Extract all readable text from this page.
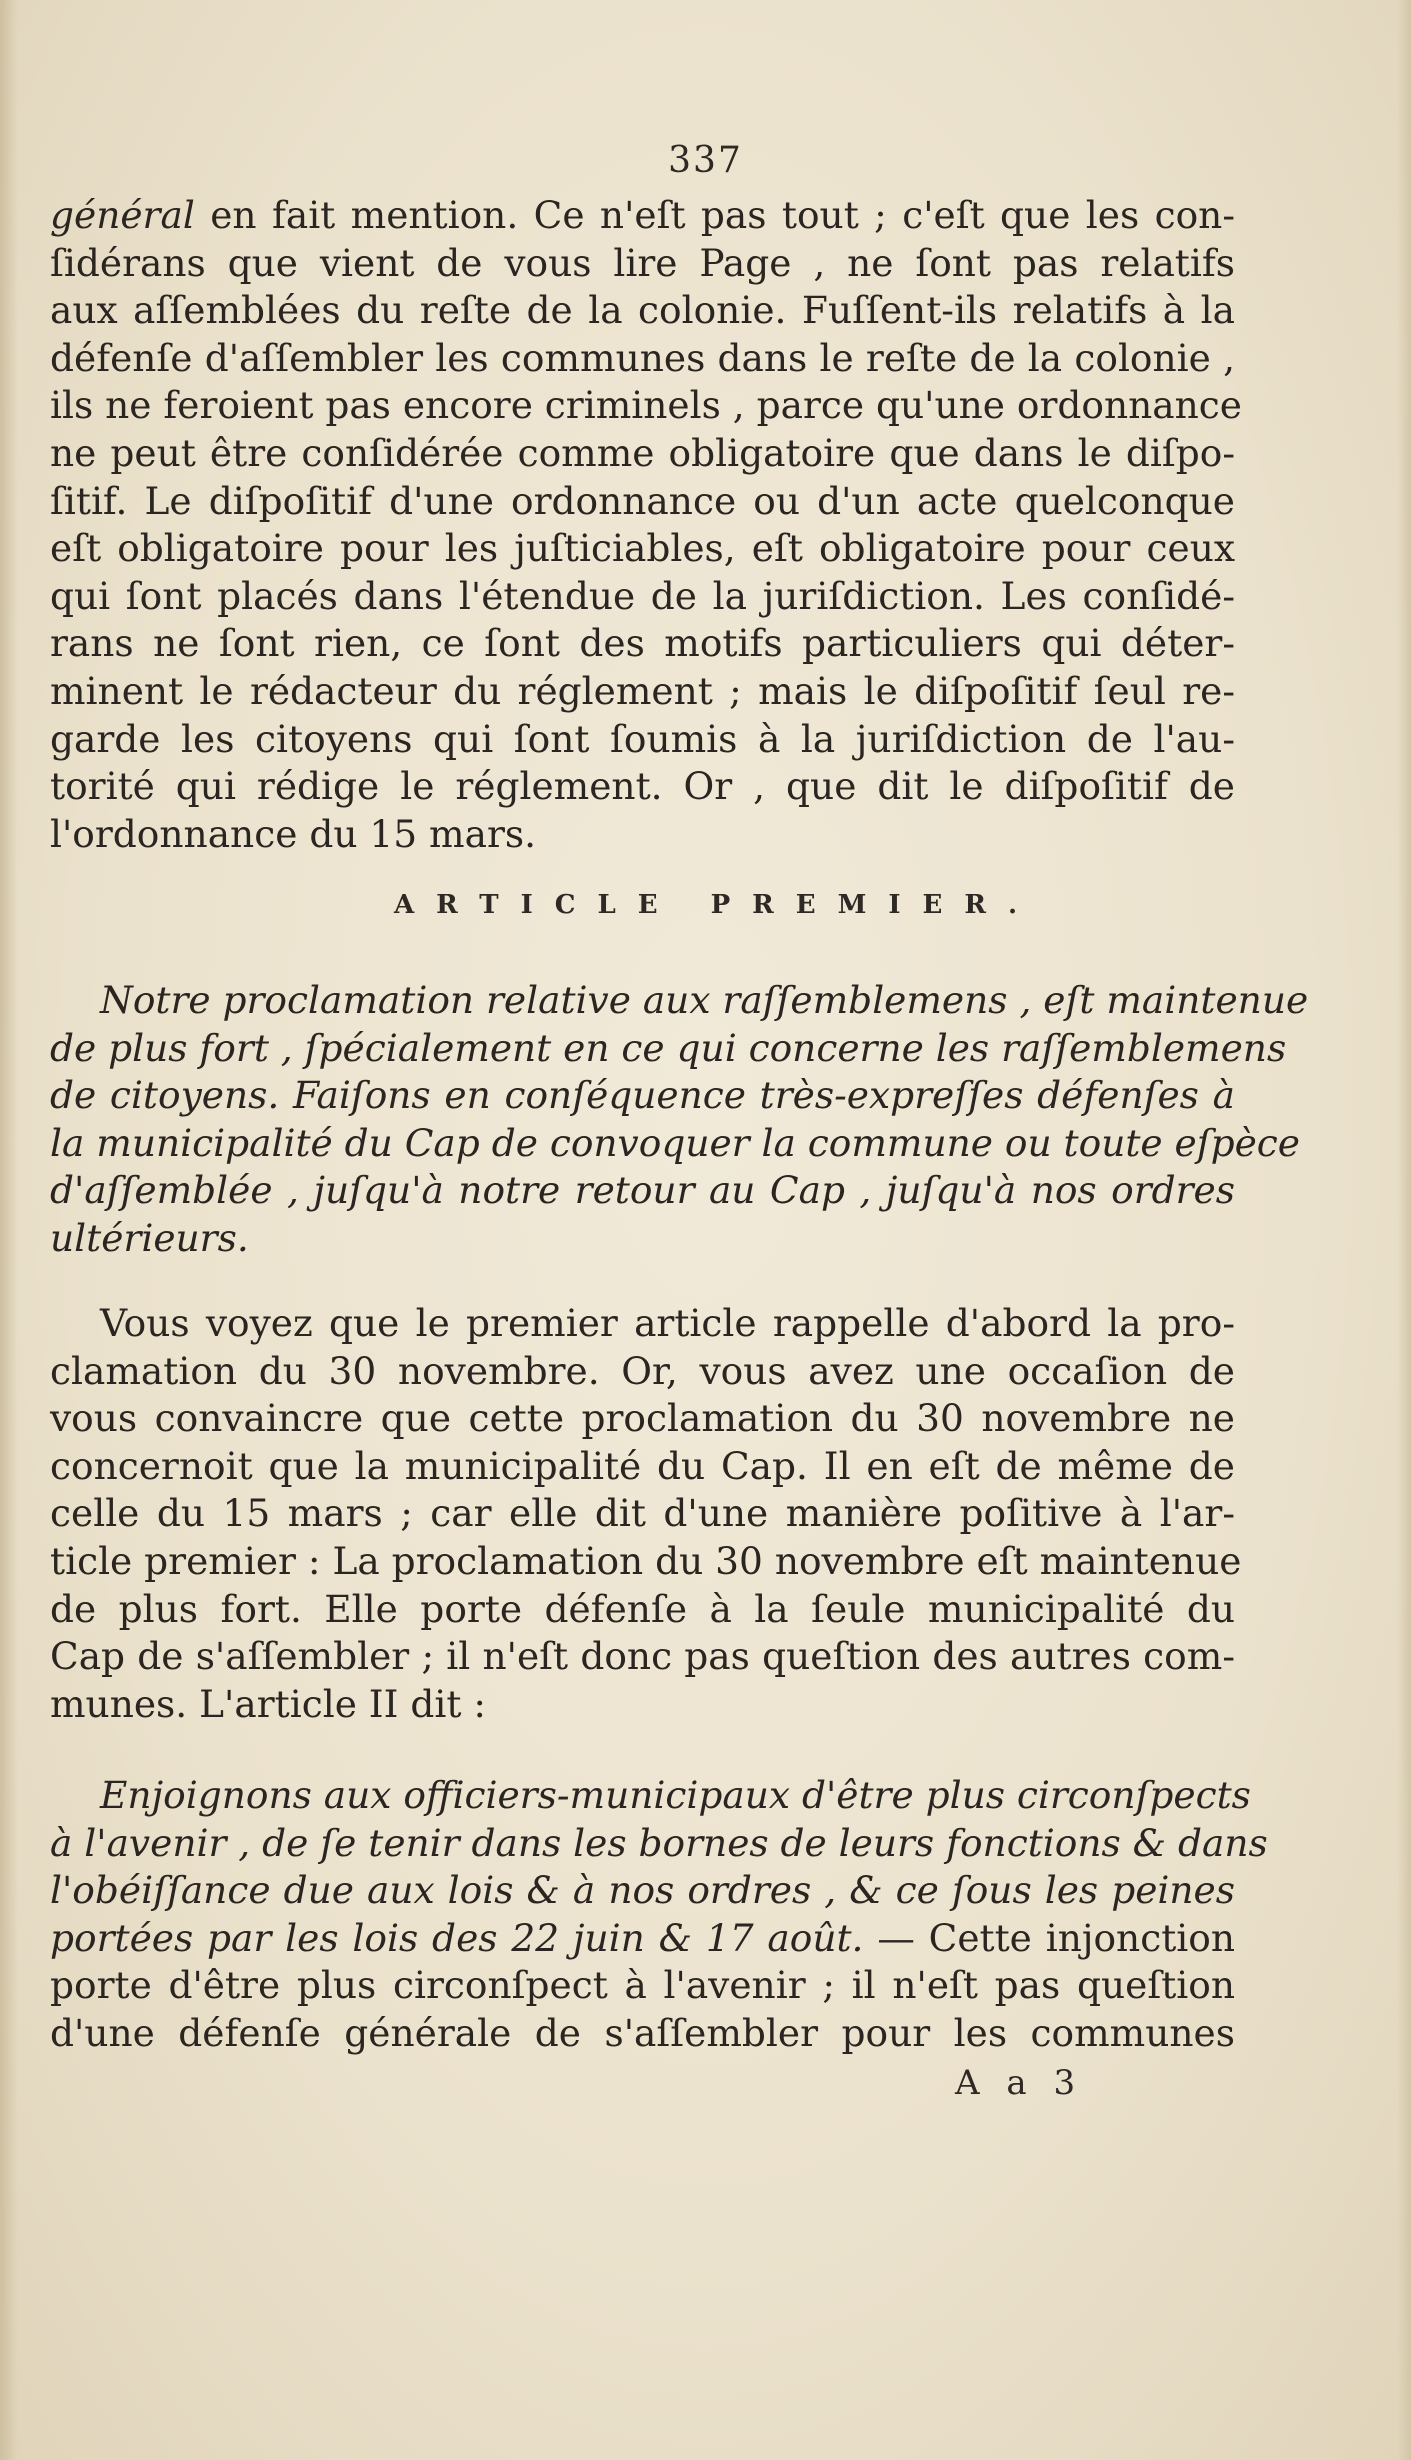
337
général en fait mention. Ce n'eſt pas tout ; c'eſt que les con-
ſidérans que vient de vous lire Page , ne ſont pas relatifs
aux aſſemblées du reſte de la colonie. Fuſſent-ils relatifs à la
défenſe d'aſſembler les communes dans le reſte de la colonie ,
ils ne feroient pas encore criminels , parce qu'une ordonnance
ne peut être conſidérée comme obligatoire que dans le diſpo-
ſitif. Le diſpoſitif d'une ordonnance ou d'un acte quelconque
eſt obligatoire pour les juſticiables, eſt obligatoire pour ceux
qui ſont placés dans l'étendue de la juriſdiction. Les conſidé-
rans ne ſont rien, ce ſont des motifs particuliers qui déter-
minent le rédacteur du réglement ; mais le diſpoſitif ſeul re-
garde les citoyens qui ſont ſoumis à la juriſdiction de l'au-
torité qui rédige le réglement. Or , que dit le diſpoſitif de
l'ordonnance du 15 mars.
ARTICLE PREMIER.
Notre proclamation relative aux raſſemblemens , eſt maintenue
de plus fort , ſpécialement en ce qui concerne les raſſemblemens
de citoyens. Faiſons en conſéquence très-expreſſes défenſes à
la municipalité du Cap de convoquer la commune ou toute eſpèce
d'aſſemblée , juſqu'à notre retour au Cap , juſqu'à nos ordres
ultérieurs.
Vous voyez que le premier article rappelle d'abord la pro-
clamation du 30 novembre. Or, vous avez une occaſion de
vous convaincre que cette proclamation du 30 novembre ne
concernoit que la municipalité du Cap. Il en eſt de même de
celle du 15 mars ; car elle dit d'une manière poſitive à l'ar-
ticle premier : La proclamation du 30 novembre eſt maintenue
de plus fort. Elle porte défenſe à la ſeule municipalité du
Cap de s'aſſembler ; il n'eſt donc pas queſtion des autres com-
munes. L'article II dit :
Enjoignons aux officiers-municipaux d'être plus circonſpects
à l'avenir , de ſe tenir dans les bornes de leurs fonctions & dans
l'obéiſſance due aux lois & à nos ordres , & ce ſous les peines
portées par les lois des 22 juin & 17 août. — Cette injonction
porte d'être plus circonſpect à l'avenir ; il n'eſt pas queſtion
d'une défenſe générale de s'aſſembler pour les communes
A a 3
